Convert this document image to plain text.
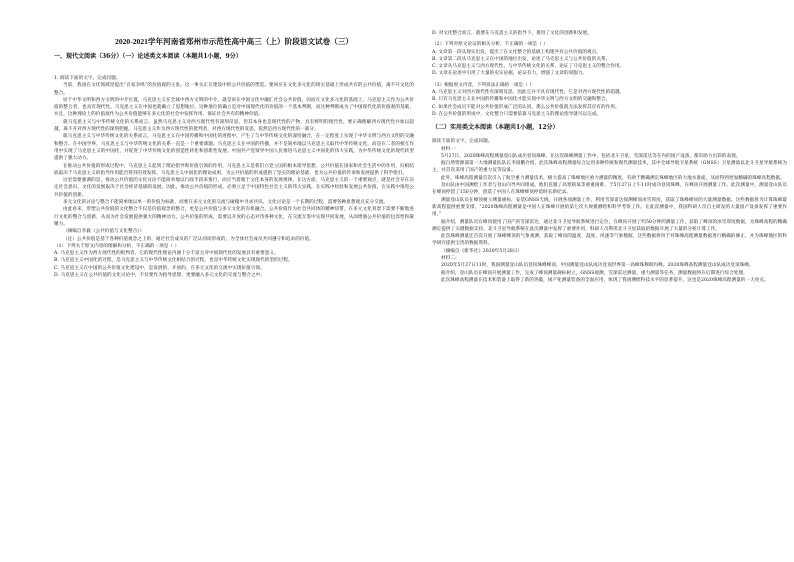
2020-2021学年河南省郑州市示范性高中高三（上）阶段语文试卷（三）
一、现代文阅读（36分）（一）论述类文本阅读（本题共1小题，9分）

1. 阅读下面的文字，完成问题。

当前，我国在文化领域里提出“百家争鸣”的价值观的主张。这一事关正在建设中的公共价值的塑造。要回应在文化多元化的现实基础上形成共有的公共价值，离不开文化的整合。

居于中华文明和西方文明的中介位置，马克思主义在全球中西方文明的中介。就是说在中国文化中融汇社会公共价值，因而在文化多元化的基础上，马克思主义作为公共价值的整合者，也具有现代性。马克思主义在中国也就确立了思想地位。这种地位的确立是对中国现代化的价值的一个基本判断，而这种判断成为了中国现代化的价值观的基础，并且，这种理论上的价值观作为公共价值能够在多元化的社会中发挥作用，保证社会共有的精神价值。

就马克思主义与中华传统文化的关系而言，虽然马克思主义对西方现代性有深刻反思，但其本身也是现代性的产物，具有鲜明的现代性。要正确理解西方现代性并加以超越，离不开对西方现代性的深刻把握。马克思主义作为西方现代性的批判者，对西方现代性的反思，依然是西方现代性的一部分。

就马克思主义与中华传统文化的关系而言，马克思主义在中国传播和中国化的进程中，产生了与中华传统文化的深度融合，在一定程度上实现了中华文明与西方文明的交融和整合。在中国学界，马克思主义与中华传统文化的关系一直是一个重要课题。马克思主义在中国的传播，并不是简单地以马克思主义取代中华传统文化，而是在二者的相互作用中实现了马克思主义的中国化，并促进了中华传统文化的创造性转化和创新性发展。中国共产党领导中国人民推进马克思主义中国化的伟大实践，为中华传统文化的现代转型提供了强大动力。

在推动公共价值的形成过程中，马克思主义起到了理论指导和价值引领的作用。马克思主义是我们立党立国的根本指导思想，公共价值在国家和社会生活中的作用，归根结底取决于马克思主义的指导作用能否得到有效发挥。马克思主义中国化的理论成果，为公共价值的形成提供了坚实的理论基础，也为公共价值的传承和发展提供了科学指引。

这里需要强调的是，推动公共价值的文化讨论不能简单地以行政手段来推行，而应当着眼于文化本身的发展规律。在这方面，马克思主义的一个重要观点，就是社会存在决定社会意识，文化的发展取决于社会经济基础的发展。因此，推动公共价值的形成，必须立足于中国特色社会主义的伟大实践，在实践中检验和发展公共价值，在实践中推进公共价值的创新。

多元文化的讨论与整合不能简单地以单一的价值为标准，而要在多元文化的交流与碰撞中寻求共识。文化讨论是一个长期的过程，需要各种思想观点充分交流。

由此看来，形塑公共价值的文化整合不仅是价值观念的整合，更是公共价值与多元文化的有机融合。公共价值作为社会共同体的精神纽带，在多元文化背景下需要不断地进行文化的整合与创新，从而为社会发展提供强大的精神动力。公共价值的形成，需要以开放的心态对待各种文化，在交流互鉴中实现共同发展，从而增强公共价值的包容性和凝聚力。

（摘编自李毅《公共价值与文化整合》）

（注）公共价值是基于各种价值观念之上的，通过社会成员的广泛认同而形成的，为全体社会成员共同遵守和追求的价值。

（1）下列关于原文内容的理解和分析，不正确的一项是（ ）

A. 马克思主义作为西方现代性的批判者，它的现代性理论内涵十分丰富且对中国现代化的发展具有重要意义。

B. 马克思主义中国化的过程，是马克思主义与中华传统文化相结合的过程，也是中华传统文化实现现代转型的过程。

C. 马克思主义在中国的公共价值文化建设中，是发展的、开放的，在多元文化的交流中实现价值引领。

D. 马克思主义在公共价值的文化讨论中，不仅要作为指导思想，更要融入多元文化的交流与整合之中。

D. 对文化整合而言，就要在马克思主义的指导下，推进了文化的创新和发展。

（2）下列对原文论证的相关分析，不正确的一项是（ ）

A. 文章第一段从现实出发，提出了在文化整合的基础上构建共有公共价值的观点。

B. 文章第二段从马克思主义在中国的地位出发，论述了马克思主义与公共价值的关系。

C. 文章从马克思主义与西方现代性、与中华传统文化的关系，论证了马克思主义的整合作用。

D. 文章在论述中引用了大量的史实论据，论证有力，增强了文章的说服力。

（3）根据原文内容，下列说法正确的一项是（ ）

A. 马克思主义对西方现代性有深刻反思，因此它并不具有现代性，它是对西方现代性的超越。

B. 只有马克思主义在中国的传播和中国化才能实现中华文明与西方文明的交融和整合。

C. 如果社会成员不能对公共价值形成广泛的认同，那么公共价值就无法发挥其应有的作用。

D. 在公共价值的形成中，文化整合只需要依靠马克思主义的理论指导就可以完成。

（二）实用类文本阅读（本题共1小题，12分）

阅读下面的文字，完成问题。

材料一：

5月27日，2020珠峰高程测量登山队成功登顶珠峰。在这次珠峰测量工作中，包括北斗卫星、雪深雷达等在内的国产设备，都有助力出彩的表现。

据自然资源部第一大地测量队队长李国鹏介绍，此次珠峰高程测量综合运用多种传统和现代测量技术，其中全球导航卫星系统（GNSS）卫星测量以北斗卫星导航系统为主，并首次采用了国产的重力仪等设备。

此外，珠峰高程测量首次引入了航空重力测量技术，极大提高了珠峰地区重力测量的精度，有助于精确测定珠峰地区的大地水准面，从而得到更加精确的珠峰高程数据。

登山队由中国测绘工作者与登山向导共同组成，他们克服了高寒缺氧等重重困难，于5月27日上午11时成功登顶珠峰，在峰顶开展测量工作。此次测量中，测量登山队员在峰顶停留了150分钟，创造了中国人在珠峰峰顶停留时长新纪录。

测量登山队员在峰顶树立测量觇标，安装GNSS天线，开展各项测量工作，利用雪深雷达探测峰顶冰雪厚度，获取了珠峰峰顶的大量测量数据。这些数据将为计算珠峰最新高程提供重要支撑。“2020珠峰高程测量是中国人在珠峰开展的第七次大规模测绘和科学考察工作。在此次测量中，我国科研人员自主研发的大量国产设备发挥了重要作用。”

据介绍，测量队员在峰顶使用了国产的雪深雷达，通过北斗卫星导航系统进行定位，在峰顶开展了约50分钟的测量工作，获取了峰顶的冰雪厚度数据，为珠峰高程的精确测定提供了关键数据支持。北斗卫星导航系统在此次测量中发挥了重要作用，科研人员利用北斗卫星获取的数据开展了大量的分析计算工作。

此次珠峰测量还首次开展了珠峰峰顶的气象观测，获取了峰顶的温度、湿度、风速等气象数据，这些数据将用于对珠峰高程测量数据进行精确的修正，并为珠峰地区的科学研究提供宝贵的数据资料。

（摘编自《新华社》2020年5月28日）

材料二：

2020年5月27日11时，我国测量登山队员登顶珠峰峰顶，中国测量登山队成功登顶世界第一高峰珠穆朗玛峰。2020珠峰高程测量登山队成功登顶珠峰。

据介绍，登山队员在峰顶开展测量工作，完成了峰顶测量觇标树立、GNSS观测、雪深雷达测量、重力测量等任务，测量数据将在后期进行综合处理。

此次珠峰高程测量在技术和装备上取得了新的突破，国产化测量装备的全面应用，体现了我国测绘科技水平的显著提升，这也是2020珠峰高程测量的一大亮点。
